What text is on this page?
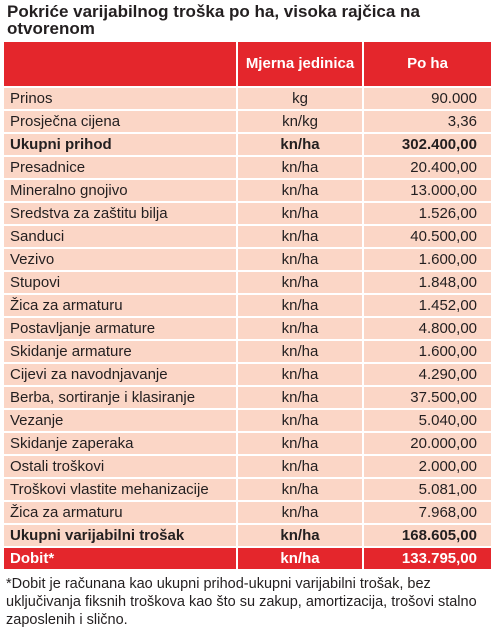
Pokriće varijabilnog troška po ha, visoka rajčica na otvorenom
	Mjerna jedinica	Po ha
Prinos	kg	90.000
Prosječna cijena	kn/kg	3,36
Ukupni prihod	kn/ha	302.400,00
Presadnice	kn/ha	20.400,00
Mineralno gnojivo	kn/ha	13.000,00
Sredstva za zaštitu bilja	kn/ha	1.526,00
Sanduci	kn/ha	40.500,00
Vezivo	kn/ha	1.600,00
Stupovi	kn/ha	1.848,00
Žica za armaturu	kn/ha	1.452,00
Postavljanje armature	kn/ha	4.800,00
Skidanje armature	kn/ha	1.600,00
Cijevi za navodnjavanje	kn/ha	4.290,00
Berba, sortiranje i klasiranje	kn/ha	37.500,00
Vezanje	kn/ha	5.040,00
Skidanje zaperaka	kn/ha	20.000,00
Ostali troškovi	kn/ha	2.000,00
Troškovi vlastite mehanizacije	kn/ha	5.081,00
Žica za armaturu	kn/ha	7.968,00
Ukupni varijabilni trošak	kn/ha	168.605,00
Dobit*	kn/ha	133.795,00
*Dobit je računana kao ukupni prihod-ukupni varijabilni trošak, bez uključivanja fiksnih troškova kao što su zakup, amortizacija, trošovi stalno zaposlenih i slično.
